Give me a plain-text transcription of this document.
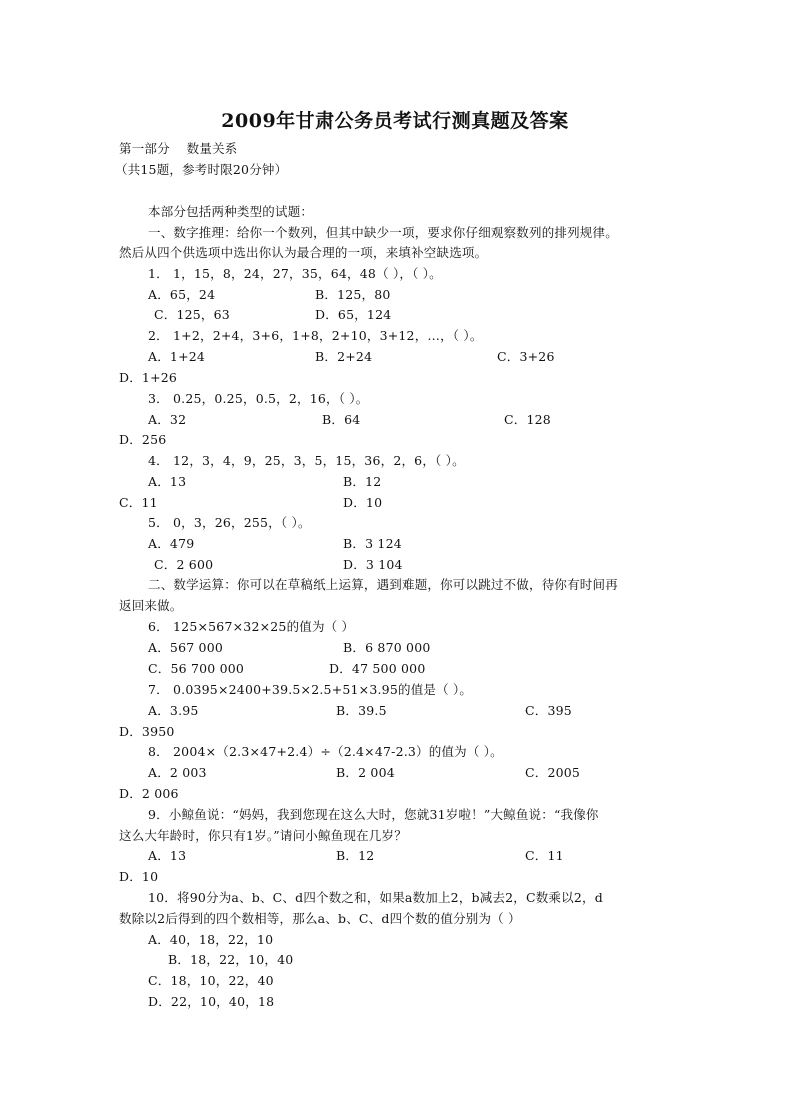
2009年甘肃公务员考试行测真题及答案
第一部分　 数量关系
（共15题，参考时限20分钟）
本部分包括两种类型的试题：
一、数字推理：给你一个数列，但其中缺少一项，要求你仔细观察数列的排列规律。
然后从四个供选项中选出你认为最合理的一项，来填补空缺选项。
1． 1，15，8，24，27，35，64，48（ ），（ ）。
A．65，24	B．125，80
C．125，63	D．65，124
2． 1+2，2+4，3+6，1+8，2+10，3+12，…，（ ）。
A．1+24	B．2+24	C．3+26
D．1+26
3． 0.25，0.25，0.5，2，16，（ ）。
A．32	B．64	C．128
D．256
4． 12，3，4，9，25，3，5，15，36，2，6，（ ）。
A．13	B．12
C．11	D．10
5． 0，3，26，255，（ ）。
A．479	B．3 124
C．2 600	D．3 104
二、数学运算：你可以在草稿纸上运算，遇到难题，你可以跳过不做，待你有时间再
返回来做。
6． 125×567×32×25的值为（ ）
A．567 000	B．6 870 000
C．56 700 000	D．47 500 000
7． 0.0395×2400+39.5×2.5+51×3.95的值是（ ）。
A．3.95	B．39.5	C．395
D．3950
8． 2004×（2.3×47+2.4）÷（2.4×47-2.3）的值为（ ）。
A．2 003	B．2 004	C．2005
D．2 006
9．小鲸鱼说：“妈妈，我到您现在这么大时，您就31岁啦！”大鲸鱼说：“我像你
这么大年龄时，你只有1岁。”请问小鲸鱼现在几岁？
A．13	B．12	C．11
D．10
10．将90分为a、b、C、d四个数之和，如果a数加上2，b减去2，C数乘以2，d
数除以2后得到的四个数相等，那么a、b、C、d四个数的值分别为（ ）
A．40，18，22，10
B．18，22，10，40
C．18，10，22，40
D．22，10，40，18
